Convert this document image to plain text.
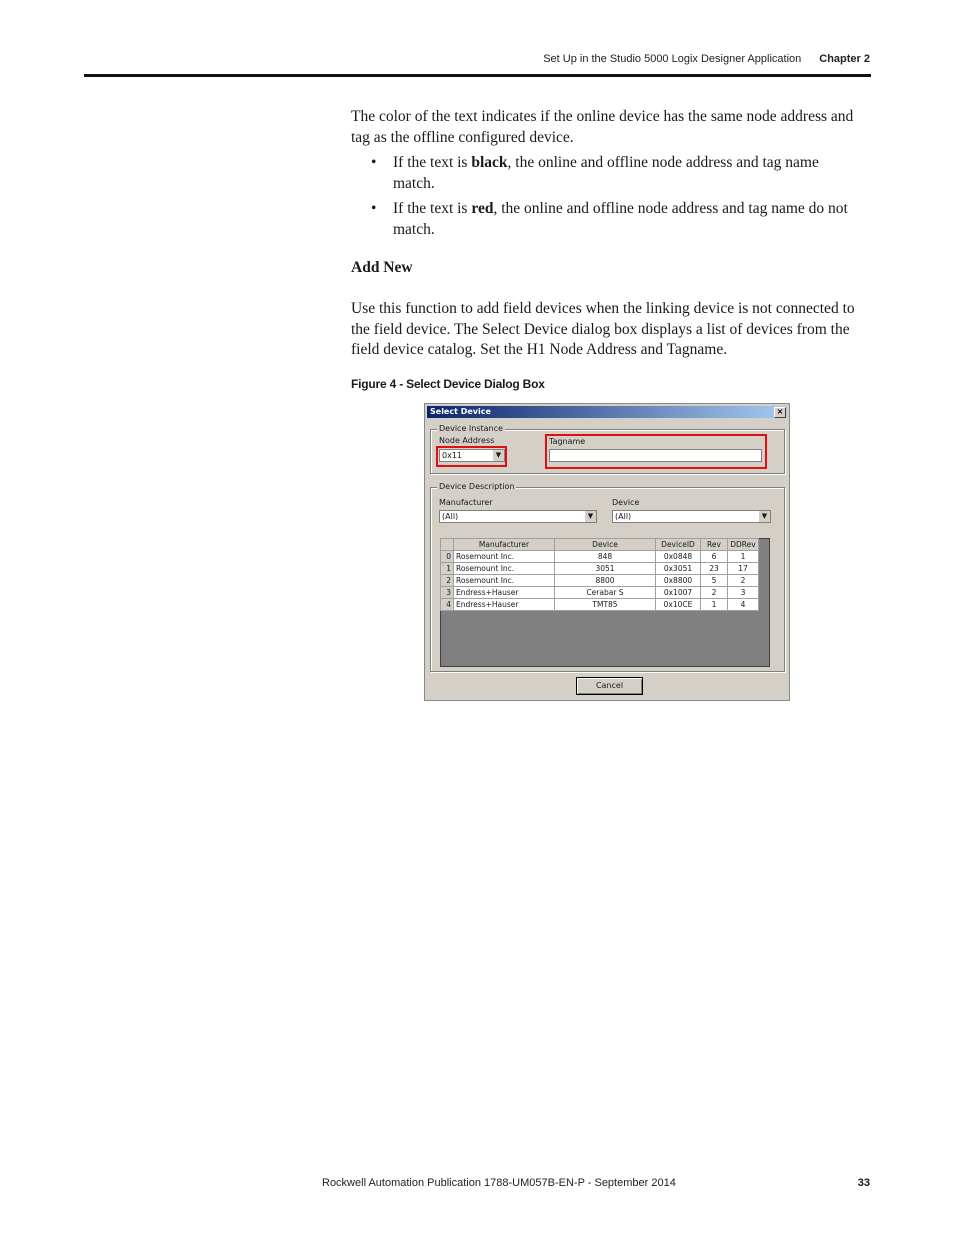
Set Up in the Studio 5000 Logix Designer Application Chapter 2
The color of the text indicates if the online device has the same node address and tag as the offline configured device.
• If the text is black, the online and offline node address and tag name match.
• If the text is red, the online and offline node address and tag name do not match.
Add New
Use this function to add field devices when the linking device is not connected to the field device. The Select Device dialog box displays a list of devices from the field device catalog. Set the H1 Node Address and Tagname.
Figure 4 - Select Device Dialog Box
Select Device	×
Device Instance
Node Address
0x11	▼
Tagname
Device Description
Manufacturer
(All)	▼
Device
(All)	▼
	Manufacturer	Device	DeviceID	Rev	DDRev
0	Rosemount Inc.	848	0x0848	6	1
1	Rosemount Inc.	3051	0x3051	23	17
2	Rosemount Inc.	8800	0x8800	5	2
3	Endress+Hauser	Cerabar S	0x1007	2	3
4	Endress+Hauser	TMT85	0x10CE	1	4
Cancel
Rockwell Automation Publication 1788-UM057B-EN-P - September 2014	33
